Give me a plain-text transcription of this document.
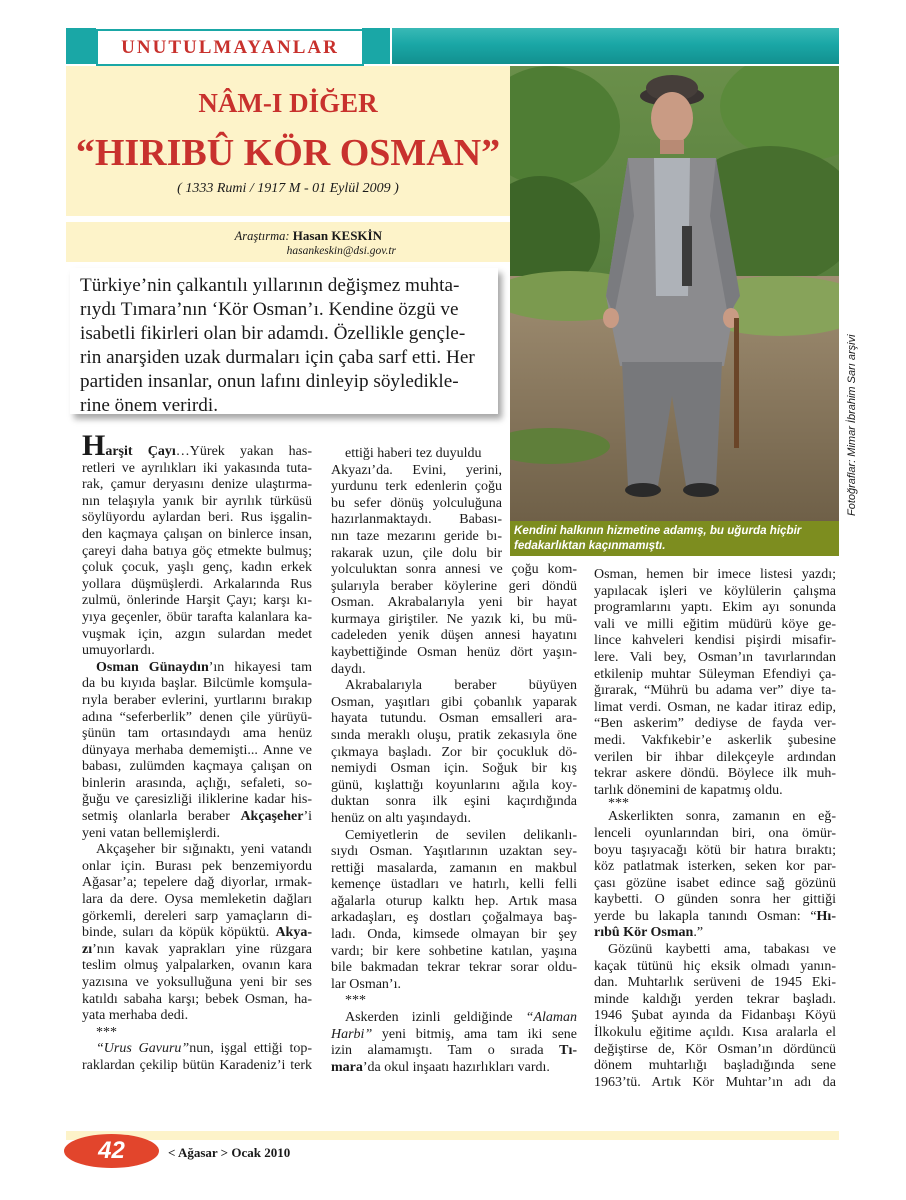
UNUTULMAYANLAR
NÂM-I DİĞER
“HIRIBÛ KÖR OSMAN”
( 1333 Rumi / 1917 M - 01 Eylül 2009 )
Araştırma: Hasan KESKİN
hasankeskin@dsi.gov.tr
Türkiye’nin çalkantılı yıllarının değişmez muhta-
rıydı Tımara’nın ‘Kör Osman’ı. Kendine özgü ve
isabetli fikirleri olan bir adamdı. Özellikle gençle-
rin anarşiden uzak durmaları için çaba sarf etti. Her
partiden insanlar, onun lafını dinleyip söyledikle-
rine önem verirdi.
Kendini halkının hizmetine adamış, bu uğurda hiçbir
fedakarlıktan kaçınmamıştı.
Fotoğraflar: Mimar İbrahim Sarı arşivi
Harşit Çayı…Yürek yakan has-
retleri ve ayrılıkları iki yakasında tuta-
rak, çamur deryasını denize ulaştırma-
nın telaşıyla yanık bir ayrılık türküsü
söylüyordu aylardan beri. Rus işgalin-
den kaçmaya çalışan on binlerce insan,
çareyi daha batıya göç etmekte bulmuş;
çoluk çocuk, yaşlı genç, kadın erkek
yollara düşmüşlerdi. Arkalarında Rus
zulmü, önlerinde Harşit Çayı; karşı kı-
yıya geçenler, öbür tarafta kalanlara ka-
vuşmak için, azgın sulardan medet
umuyorlardı.
Osman Günaydın’ın hikayesi tam
da bu kıyıda başlar. Bilcümle komşula-
rıyla beraber evlerini, yurtlarını bırakıp
adına “seferberlik” denen çile yürüyü-
şünün tam ortasındaydı ama henüz
dünyaya merhaba dememişti... Anne ve
babası, zulümden kaçmaya çalışan on
binlerin arasında, açlığı, sefaleti, so-
ğuğu ve çaresizliği iliklerine kadar his-
setmiş olanlarla beraber Akçaşeher’i
yeni vatan bellemişlerdi.
Akçaşeher bir sığınaktı, yeni vatandı
onlar için. Burası pek benzemiyordu
Ağasar’a; tepelere dağ diyorlar, ırmak-
lara da dere. Oysa memleketin dağları
görkemli, dereleri sarp yamaçların di-
binde, suları da köpük köpüktü. Akya-
zı’nın kavak yaprakları yine rüzgara
teslim olmuş yalpalarken, ovanın kara
yazısına ve yoksulluğuna yeni bir ses
katıldı sabaha karşı; bebek Osman, ha-
yata merhaba dedi.
***
“Urus Gavuru”nun, işgal ettiği top-
raklardan çekilip bütün Karadeniz’i terk
ettiği haberi tez duyuldu
Akyazı’da. Evini, yerini,
yurdunu terk edenlerin çoğu
bu sefer dönüş yolculuğuna
hazırlanmaktaydı. Babası-
nın taze mezarını geride bı-
rakarak uzun, çile dolu bir
yolculuktan sonra annesi ve çoğu kom-
şularıyla beraber köylerine geri döndü
Osman. Akrabalarıyla yeni bir hayat
kurmaya giriştiler. Ne yazık ki, bu mü-
cadeleden yenik düşen annesi hayatını
kaybettiğinde Osman henüz dört yaşın-
daydı.
Akrabalarıyla beraber büyüyen
Osman, yaşıtları gibi çobanlık yaparak
hayata tutundu. Osman emsalleri ara-
sında meraklı oluşu, pratik zekasıyla öne
çıkmaya başladı. Zor bir çocukluk dö-
nemiydi Osman için. Soğuk bir kış
günü, kışlattığı koyunlarını ağıla koy-
duktan sonra ilk eşini kaçırdığında
henüz on altı yaşındaydı.
Cemiyetlerin de sevilen delikanlı-
sıydı Osman. Yaşıtlarının uzaktan sey-
rettiği masalarda, zamanın en makbul
kemençe üstadları ve hatırlı, kelli felli
ağalarla oturup kalktı hep. Artık masa
arkadaşları, eş dostları çoğalmaya baş-
ladı. Onda, kimsede olmayan bir şey
vardı; bir kere sohbetine katılan, yaşına
bile bakmadan tekrar tekrar sorar oldu-
lar Osman’ı.
***
Askerden izinli geldiğinde “Alaman
Harbi” yeni bitmiş, ama tam iki sene
izin alamamıştı. Tam o sırada Tı-
mara’da okul inşaatı hazırlıkları vardı.
Osman, hemen bir imece listesi yazdı;
yapılacak işleri ve köylülerin çalışma
programlarını yaptı. Ekim ayı sonunda
vali ve milli eğitim müdürü köye ge-
lince kahveleri kendisi pişirdi misafir-
lere. Vali bey, Osman’ın tavırlarından
etkilenip muhtar Süleyman Efendiyi ça-
ğırarak, “Mührü bu adama ver” diye ta-
limat verdi. Osman, ne kadar itiraz edip,
“Ben askerim” dediyse de fayda ver-
medi. Vakfıkebir’e askerlik şubesine
verilen bir ihbar dilekçeyle ardından
tekrar askere döndü. Böylece ilk muh-
tarlık dönemini de kapatmış oldu.
***
Askerlikten sonra, zamanın en eğ-
lenceli oyunlarından biri, ona ömür-
boyu taşıyacağı kötü bir hatıra bıraktı;
köz patlatmak isterken, seken kor par-
çası gözüne isabet edince sağ gözünü
kaybetti. O günden sonra her gittiği
yerde bu lakapla tanındı Osman: “Hı-
rıbû Kör Osman.”
Gözünü kaybetti ama, tabakası ve
kaçak tütünü hiç eksik olmadı yanın-
dan. Muhtarlık serüveni de 1945 Eki-
minde kaldığı yerden tekrar başladı.
1946 Şubat ayında da Fidanbaşı Köyü
İlkokulu eğitime açıldı. Kısa aralarla el
değiştirse de, Kör Osman’ın dördüncü
dönem muhtarlığı başladığında sene
1963’tü. Artık Kör Muhtar’ın adı da
42	< Ağasar > Ocak 2010
